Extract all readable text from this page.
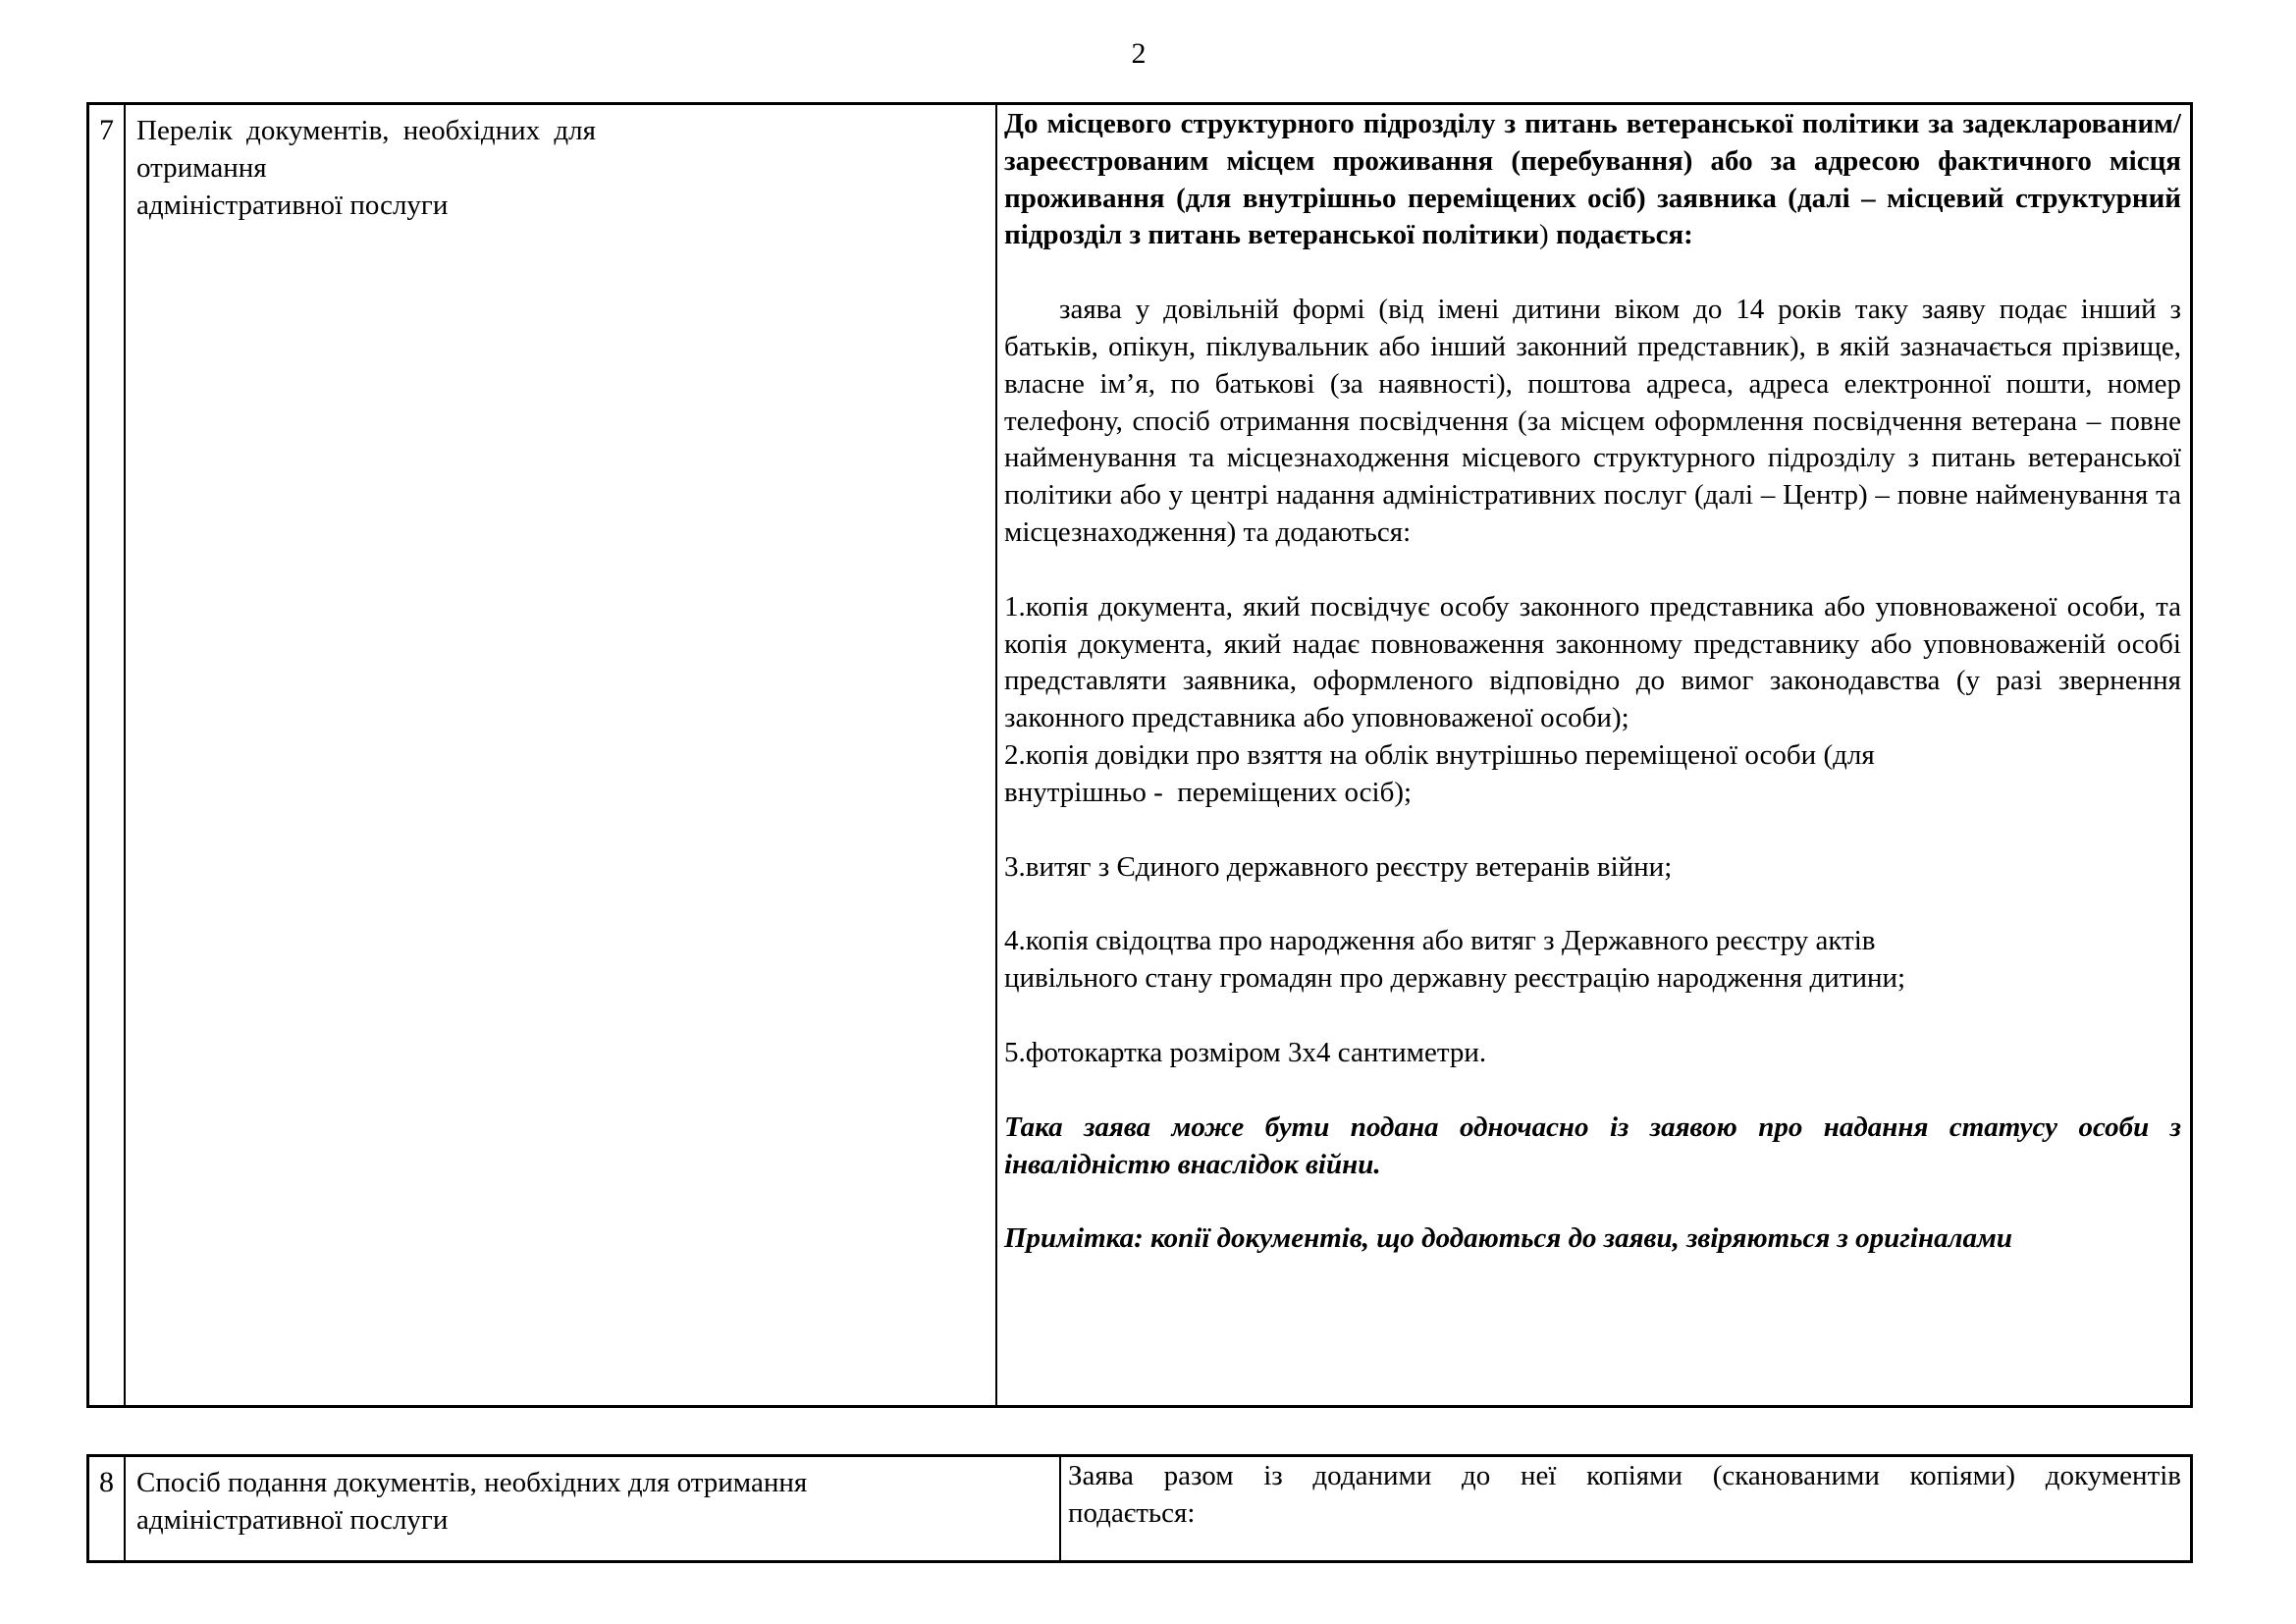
2
7 Перелік документів, необхідних для отримання
адміністративної послуги

До місцевого структурного підрозділу з питань ветеранської політики за задекларованим/зареєстрованим місцем проживання (перебування) або за адресою фактичного місця проживання (для внутрішньо переміщених осіб) заявника (далі – місцевий структурний підрозділ з питань ветеранської політики) подається:

заява у довільній формі (від імені дитини віком до 14 років таку заяву подає інший з батьків, опікун, піклувальник або інший законний представник), в якій зазначається прізвище, власне ім’я, по батькові (за наявності), поштова адреса, адреса електронної пошти, номер телефону, спосіб отримання посвідчення (за місцем оформлення посвідчення ветерана – повне найменування та місцезнаходження місцевого структурного підрозділу з питань ветеранської політики або у центрі надання адміністративних послуг (далі – Центр) – повне найменування та місцезнаходження) та додаються:

1.копія документа, який посвідчує особу законного представника або уповноваженої особи, та копія документа, який надає повноваження законному представнику або уповноваженій особі представляти заявника, оформленого відповідно до вимог законодавства (у разі звернення законного представника або уповноваженої особи);

2.копія довідки про взяття на облік внутрішньо переміщеної особи (для
внутрішньо -  переміщених осіб);

3.витяг з Єдиного державного реєстру ветеранів війни;

4.копія свідоцтва про народження або витяг з Державного реєстру актів
цивільного стану громадян про державну реєстрацію народження дитини;

5.фотокартка розміром 3х4 сантиметри.

Така заява може бути подана одночасно із заявою про надання статусу особи з інвалідністю внаслідок війни.

Примітка: копії документів, що додаються до заяви, звіряються з оригіналами

8 Спосіб подання документів, необхідних для отримання
адміністративної послуги

Заява разом із доданими до неї копіями (сканованими копіями) документів
подається:
